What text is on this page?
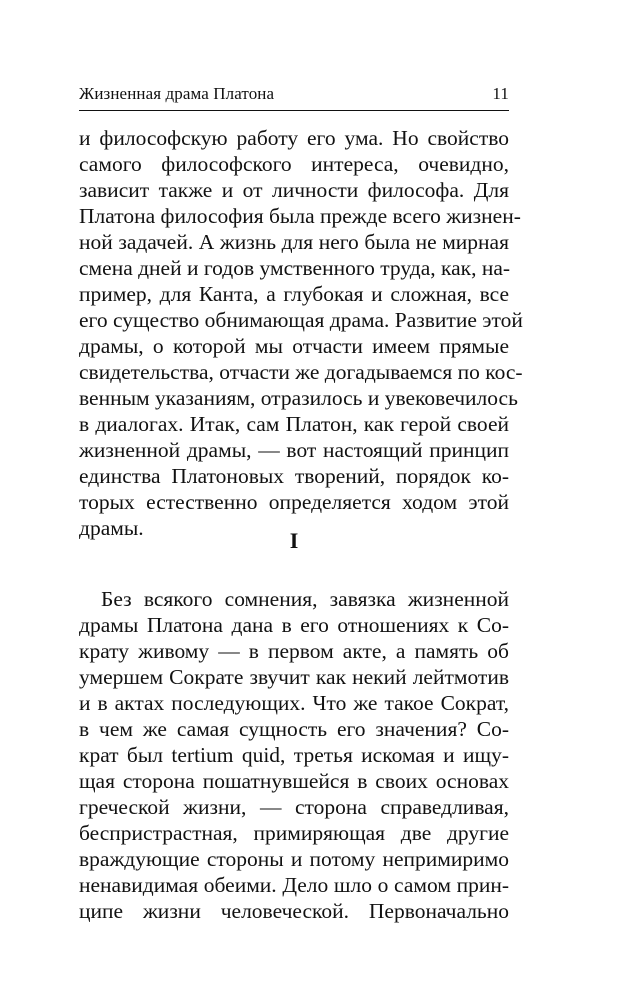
Жизненная драма Платона	11
и философскую работу его ума. Но свойство
самого философского интереса, очевидно,
зависит также и от личности философа. Для
Платона философия была прежде всего жизнен-
ной задачей. А жизнь для него была не мирная
смена дней и годов умственного труда, как, на-
пример, для Канта, а глубокая и сложная, все
его существо обнимающая драма. Развитие этой
драмы, о которой мы отчасти имеем прямые
свидетельства, отчасти же догадываемся по кос-
венным указаниям, отразилось и увековечилось
в диалогах. Итак, сам Платон, как герой своей
жизненной драмы, — вот настоящий принцип
единства Платоновых творений, порядок ко-
торых естественно определяется ходом этой
драмы.	I
Без всякого сомнения, завязка жизненной
драмы Платона дана в его отношениях к Со-
крату живому — в первом акте, а память об
умершем Сократе звучит как некий лейтмотив
и в актах последующих. Что же такое Сократ,
в чем же самая сущность его значения? Со-
крат был tertium quid, третья искомая и ищу-
щая сторона пошатнувшейся в своих основах
греческой жизни, — сторона справедливая,
беспристрастная, примиряющая две другие
враждующие стороны и потому непримиримо
ненавидимая обеими. Дело шло о самом прин-
ципе жизни человеческой. Первоначально
